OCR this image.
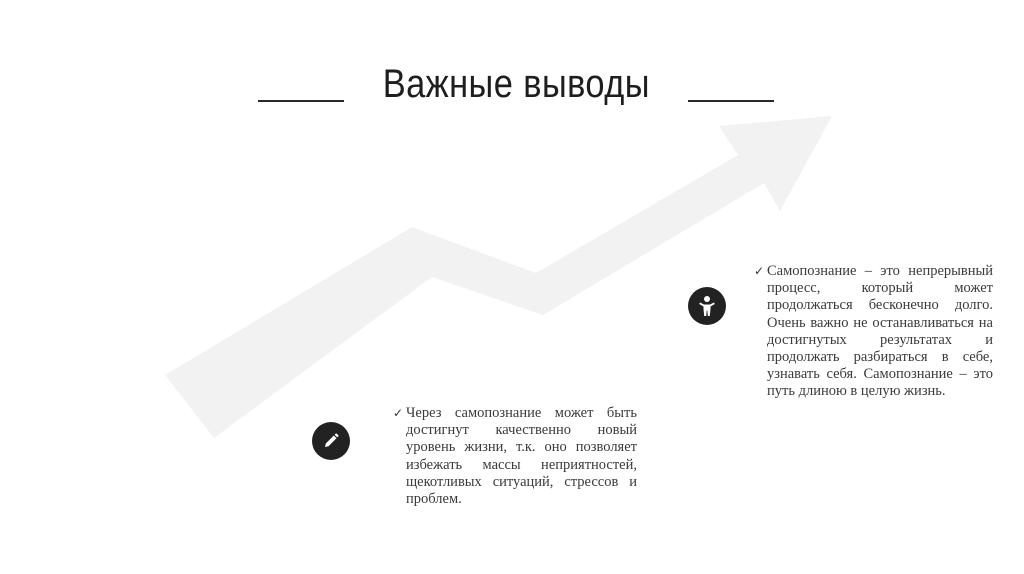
Важные выводы
✓ Самопознание – это непрерывный процесс, который может продолжаться бесконечно долго. Очень важно не останавливаться на достигнутых результатах и продолжать разбираться в себе, узнавать себя. Самопознание – это путь длиною в целую жизнь.
✓ Через самопознание может быть достигнут качественно новый уровень жизни, т.к. оно позволяет избежать массы неприятностей, щекотливых ситуаций, стрессов и проблем.
